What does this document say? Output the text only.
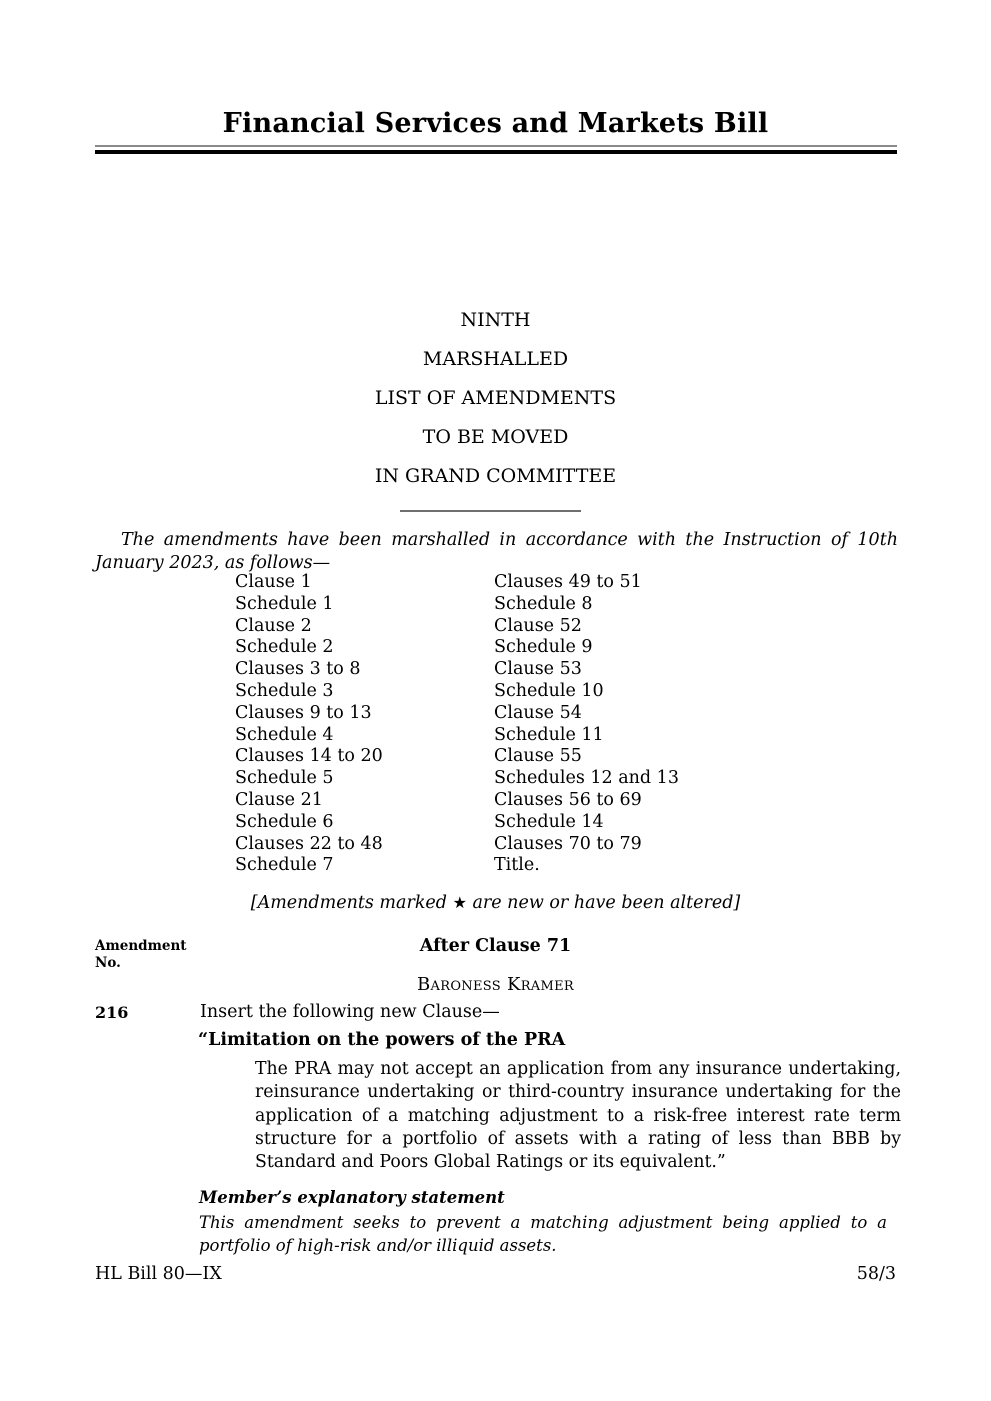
Financial Services and Markets Bill
NINTH
MARSHALLED
LIST OF AMENDMENTS
TO BE MOVED
IN GRAND COMMITTEE
The amendments have been marshalled in accordance with the Instruction of 10th January 2023, as follows—
Clause 1
Schedule 1
Clause 2
Schedule 2
Clauses 3 to 8
Schedule 3
Clauses 9 to 13
Schedule 4
Clauses 14 to 20
Schedule 5
Clause 21
Schedule 6
Clauses 22 to 48
Schedule 7
Clauses 49 to 51
Schedule 8
Clause 52
Schedule 9
Clause 53
Schedule 10
Clause 54
Schedule 11
Clause 55
Schedules 12 and 13
Clauses 56 to 69
Schedule 14
Clauses 70 to 79
Title.
[Amendments marked ★ are new or have been altered]
Amendment No.
After Clause 71
Baroness Kramer
216	Insert the following new Clause—
“Limitation on the powers of the PRA
The PRA may not accept an application from any insurance undertaking, reinsurance undertaking or third-country insurance undertaking for the application of a matching adjustment to a risk-free interest rate term structure for a portfolio of assets with a rating of less than BBB by Standard and Poors Global Ratings or its equivalent.”
Member’s explanatory statement
This amendment seeks to prevent a matching adjustment being applied to a portfolio of high-risk and/or illiquid assets.
HL Bill 80—IX	58/3
